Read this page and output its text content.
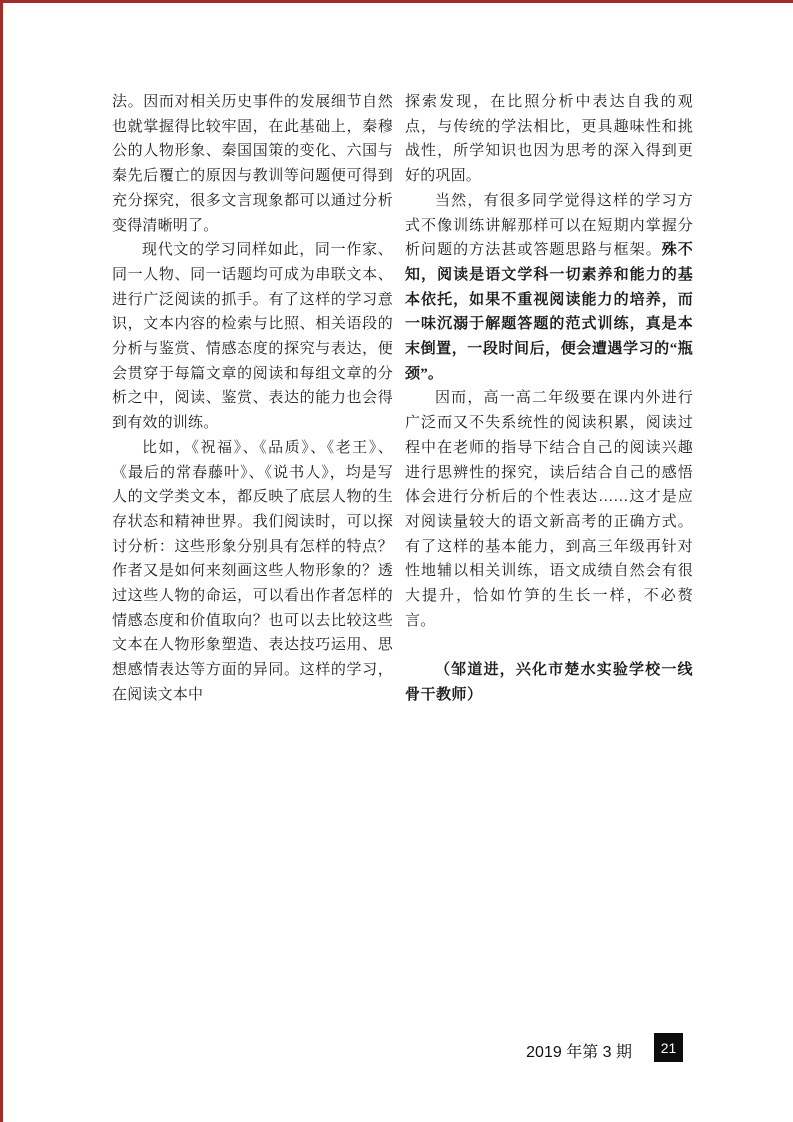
法。因而对相关历史事件的发展细节自然也就掌握得比较牢固，在此基础上，秦穆公的人物形象、秦国国策的变化、六国与秦先后覆亡的原因与教训等问题便可得到充分探究，很多文言现象都可以通过分析变得清晰明了。

现代文的学习同样如此，同一作家、同一人物、同一话题均可成为串联文本、进行广泛阅读的抓手。有了这样的学习意识，文本内容的检索与比照、相关语段的分析与鉴赏、情感态度的探究与表达，便会贯穿于每篇文章的阅读和每组文章的分析之中，阅读、鉴赏、表达的能力也会得到有效的训练。

比如，《祝福》、《品质》、《老王》、《最后的常春藤叶》、《说书人》，均是写人的文学类文本，都反映了底层人物的生存状态和精神世界。我们阅读时，可以探讨分析：这些形象分别具有怎样的特点？作者又是如何来刻画这些人物形象的？透过这些人物的命运，可以看出作者怎样的情感态度和价值取向？也可以去比较这些文本在人物形象塑造、表达技巧运用、思想感情表达等方面的异同。这样的学习，在阅读文本中

探索发现，在比照分析中表达自我的观点，与传统的学法相比，更具趣味性和挑战性，所学知识也因为思考的深入得到更好的巩固。

当然，有很多同学觉得这样的学习方式不像训练讲解那样可以在短期内掌握分析问题的方法甚或答题思路与框架。殊不知，阅读是语文学科一切素养和能力的基本依托，如果不重视阅读能力的培养，而一味沉溺于解题答题的范式训练，真是本末倒置，一段时间后，便会遭遇学习的“瓶颈”。

因而，高一高二年级要在课内外进行广泛而又不失系统性的阅读积累，阅读过程中在老师的指导下结合自己的阅读兴趣进行思辨性的探究，读后结合自己的感悟体会进行分析后的个性表达……这才是应对阅读量较大的语文新高考的正确方式。有了这样的基本能力，到高三年级再针对性地辅以相关训练，语文成绩自然会有很大提升，恰如竹笋的生长一样，不必赘言。

（邹道进，兴化市楚水实验学校一线骨干教师）

2019 年第 3 期 21
